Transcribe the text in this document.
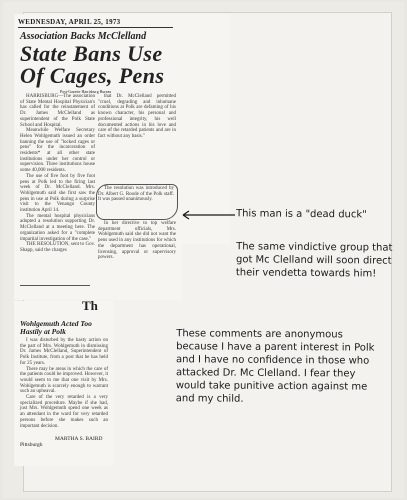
WEDNESDAY, APRIL 25, 1973
Association Backs McClelland
State Bans Use Of Cages, Pens
Post-Gazette Harrisburg Bureau

HARRISBURG—The association of State Mental Hospital Physician's has called for the reinstatement of Dr. James McClelland as superintendent of the Polk State School and Hospital.

Meanwhile Welfare Secretary Helen Wohlgemuth issued an order banning the use of "locked cages or pens" for the incarceration of residents* at all other state institutions under her control or supervision. Three institutions house some 40,000 residents.

The use of five foot by five foot pens at Polk led to the firing last week of Dr. McClelland. Mrs. Wohlgemuth said she first saw the pens in use at Polk during a surprise visit to the Venango County institution April 14.

The mental hospital physicians adopted a resolution supporting Dr. McClelland at a meeting here. The organization asked for a "complete impartial investigation of the case."

THE RESOLUTION, sent to Gov. Shapp, said the charges

that Dr. McClelland permitted "cruel, degrading and inhumane conditions at Polk are defaming of his known character, his personal and professional integrity, his well documented actions in his love and care of the retarded patients and are in fact without any basis."

The resolution was introduced by Dr. Albert G. Roode of the Polk staff. It was passed unanimously.

In her directive to top welfare department officials, Mrs. Wohlgemuth said she did not want the pens used in any institutions for which the department has operational, licensing, approval or supervisory powers.

Th
Wohlgemuth Acted Too Hastily at Polk

I was disturbed by the hasty action on the part of Mrs. Wohlgemuth in dismissing Dr. James McClelland, Superintendent of Polk Institute, from a post that he has held for 25 years.

There may be areas in which the care of the patients could be improved. However, it would seem to me that one visit by Mrs. Wohlgemuth is scarcely enough to warrant such an upheaval.

Care of the very retarded is a very specialized procedure. Maybe if she had, just Mrs. Wohlgemuth spend one week as an attendant in the ward for very retarded persons before she makes such an important decision.

MARTHA S. BAIRD
Pittsburgh
This man is a "dead duck"
The same vindictive group that got Mc Clelland will soon direct their vendetta towards him!
These comments are anonymous because I have a parent interest in Polk and I have no confidence in those who attacked Dr. Mc Clelland. I fear they would take punitive action against me and my child.
